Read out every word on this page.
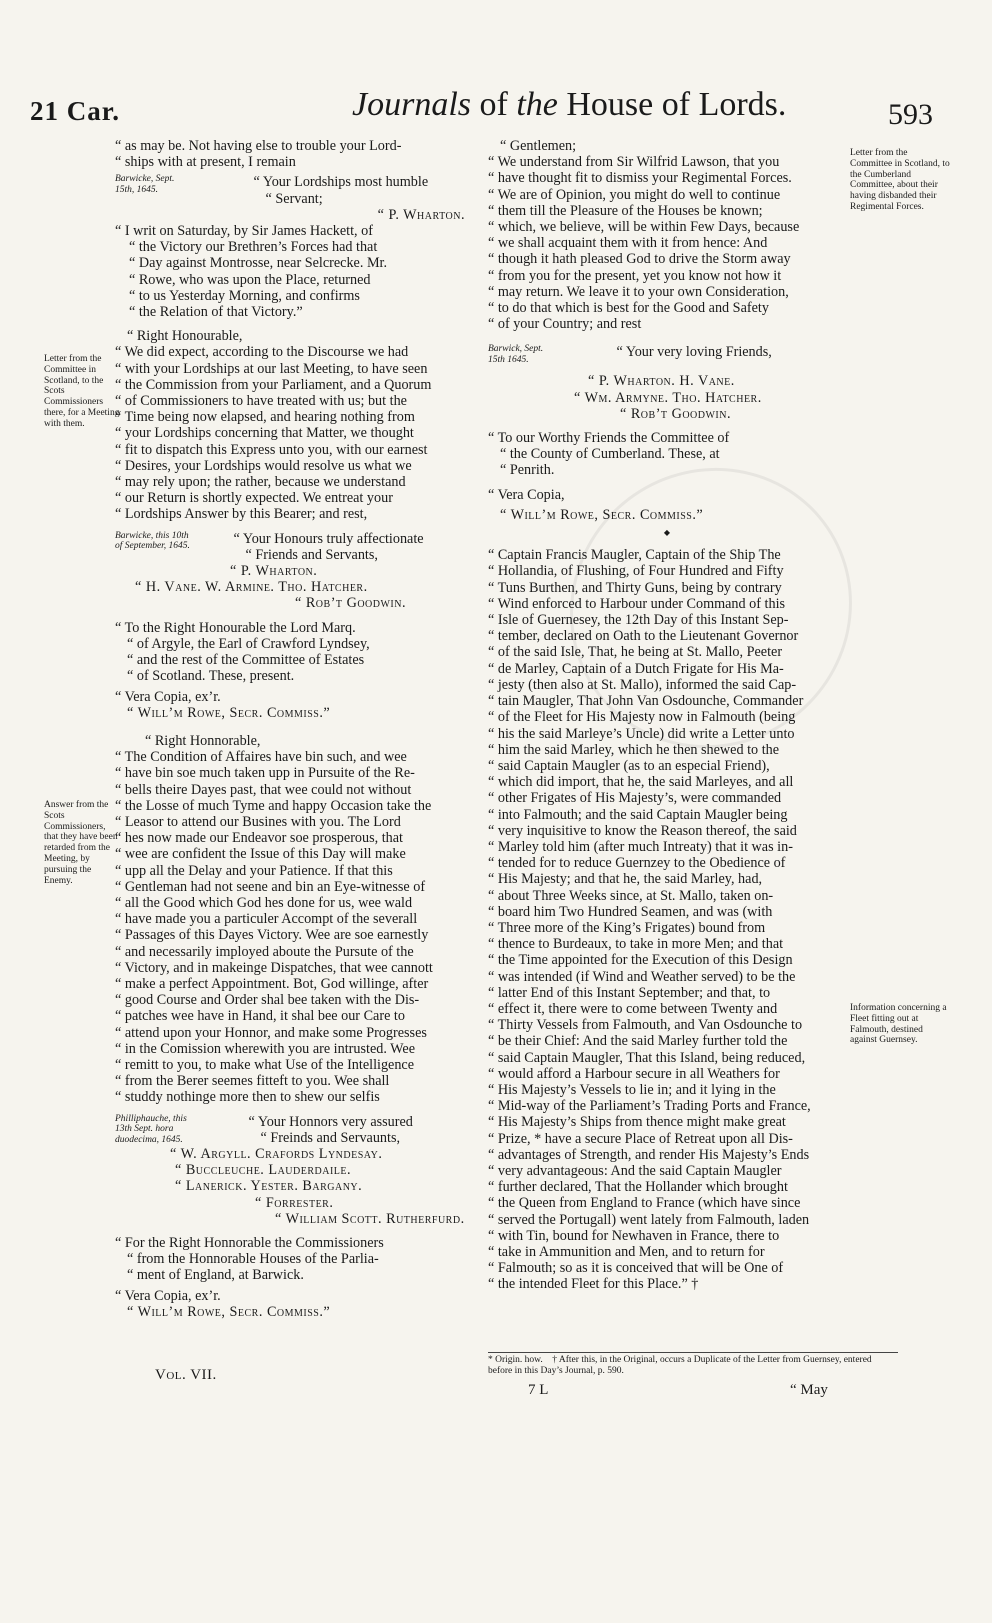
21 Car.	Journals of the House of Lords.	593
Letter from the Committee in Scotland, to the Scots Commissioners there, for a Meeting with them.
Answer from the Scots Commissioners, that they have been retarded from the Meeting, by pursuing the Enemy.
Letter from the Committee in Scotland, to the Cumberland Committee, about their having disbanded their Regimental Forces.
Information concerning a Fleet fitting out at Falmouth, destined against Guernsey.

“ as may be. Not having else to trouble your Lord-

“ ships with at present, I remain

Barwicke, Sept.
15th, 1645.	“ Your Lordships most humble

“ Servant;

“ P. Wharton.

“ I writ on Saturday, by Sir James Hackett, of

“ the Victory our Brethren’s Forces had that

“ Day against Montrosse, near Selcrecke. Mr.

“ Rowe, who was upon the Place, returned

“ to us Yesterday Morning, and confirms

“ the Relation of that Victory.”

“ Right Honourable,

“ We did expect, according to the Discourse we had

“ with your Lordships at our last Meeting, to have seen

“ the Commission from your Parliament, and a Quorum

“ of Commissioners to have treated with us; but the

“ Time being now elapsed, and hearing nothing from

“ your Lordships concerning that Matter, we thought

“ fit to dispatch this Express unto you, with our earnest

“ Desires, your Lordships would resolve us what we

“ may rely upon; the rather, because we understand

“ our Return is shortly expected. We entreat your

“ Lordships Answer by this Bearer; and rest,

Barwicke, this 10th
of September, 1645.	“ Your Honours truly affectionate

“ Friends and Servants,

“ P. Wharton.

“ H. Vane. W. Armine. Tho. Hatcher.

“ Rob’t Goodwin.

“ To the Right Honourable the Lord Marq.

“ of Argyle, the Earl of Crawford Lyndsey,

“ and the rest of the Committee of Estates

“ of Scotland. These, present.

“ Vera Copia, ex’r.

“ Will’m Rowe, Secr. Commiss.”

“ Right Honnorable,

“ The Condition of Affaires have bin such, and wee

“ have bin soe much taken upp in Pursuite of the Re-

“ bells theire Dayes past, that wee could not without

“ the Losse of much Tyme and happy Occasion take the

“ Leasor to attend our Busines with you. The Lord

“ hes now made our Endeavor soe prosperous, that

“ wee are confident the Issue of this Day will make

“ upp all the Delay and your Patience. If that this

“ Gentleman had not seene and bin an Eye-witnesse of

“ all the Good which God hes done for us, wee wald

“ have made you a particuler Accompt of the severall

“ Passages of this Dayes Victory. Wee are soe earnestly

“ and necessarily imployed aboute the Pursute of the

“ Victory, and in makeinge Dispatches, that wee cannott

“ make a perfect Appointment. Bot, God willinge, after

“ good Course and Order shal bee taken with the Dis-

“ patches wee have in Hand, it shal bee our Care to

“ attend upon your Honnor, and make some Progresses

“ in the Comission wherewith you are intrusted. Wee

“ remitt to you, to make what Use of the Intelligence

“ from the Berer seemes fitteft to you. Wee shall

“ studdy nothinge more then to shew our selfis

Philliphauche, this
13th Sept. hora
duodecima, 1645.

“ Your Honnors very assured

“ Freinds and Servaunts,

“ W. Argyll. Crafords Lyndesay.

“ Buccleuche. Lauderdaile.

“ Lanerick. Yester. Bargany.

“ Forrester.

“ William Scott. Rutherfurd.

“ For the Right Honnorable the Commissioners

“ from the Honnorable Houses of the Parlia-

“ ment of England, at Barwick.

“ Vera Copia, ex’r.

“ Will’m Rowe, Secr. Commiss.”

Vol. VII.

“ Gentlemen;

“ We understand from Sir Wilfrid Lawson, that you

“ have thought fit to dismiss your Regimental Forces.

“ We are of Opinion, you might do well to continue

“ them till the Pleasure of the Houses be known;

“ which, we believe, will be within Few Days, because

“ we shall acquaint them with it from hence: And

“ though it hath pleased God to drive the Storm away

“ from you for the present, yet you know not how it

“ may return. We leave it to your own Consideration,

“ to do that which is best for the Good and Safety

“ of your Country; and rest

Barwick, Sept.
15th 1645.	“ Your very loving Friends,

“ P. Wharton. H. Vane.

“ Wm. Armyne. Tho. Hatcher.

“ Rob’t Goodwin.

“ To our Worthy Friends the Committee of

“ the County of Cumberland. These, at

“ Penrith.

“ Vera Copia,

“ Will’m Rowe, Secr. Commiss.”

◆

“ Captain Francis Maugler, Captain of the Ship The

“ Hollandia, of Flushing, of Four Hundred and Fifty

“ Tuns Burthen, and Thirty Guns, being by contrary

“ Wind enforced to Harbour under Command of this

“ Isle of Guernesey, the 12th Day of this Instant Sep-

“ tember, declared on Oath to the Lieutenant Governor

“ of the said Isle, That, he being at St. Mallo, Peeter

“ de Marley, Captain of a Dutch Frigate for His Ma-

“ jesty (then also at St. Mallo), informed the said Cap-

“ tain Maugler, That John Van Osdounche, Commander

“ of the Fleet for His Majesty now in Falmouth (being

“ his the said Marleye’s Uncle) did write a Letter unto

“ him the said Marley, which he then shewed to the

“ said Captain Maugler (as to an especial Friend),

“ which did import, that he, the said Marleyes, and all

“ other Frigates of His Majesty’s, were commanded

“ into Falmouth; and the said Captain Maugler being

“ very inquisitive to know the Reason thereof, the said

“ Marley told him (after much Intreaty) that it was in-

“ tended for to reduce Guernzey to the Obedience of

“ His Majesty; and that he, the said Marley, had,

“ about Three Weeks since, at St. Mallo, taken on-

“ board him Two Hundred Seamen, and was (with

“ Three more of the King’s Frigates) bound from

“ thence to Burdeaux, to take in more Men; and that

“ the Time appointed for the Execution of this Design

“ was intended (if Wind and Weather served) to be the

“ latter End of this Instant September; and that, to

“ effect it, there were to come between Twenty and

“ Thirty Vessels from Falmouth, and Van Osdounche to

“ be their Chief: And the said Marley further told the

“ said Captain Maugler, That this Island, being reduced,

“ would afford a Harbour secure in all Weathers for

“ His Majesty’s Vessels to lie in; and it lying in the

“ Mid-way of the Parliament’s Trading Ports and France,

“ His Majesty’s Ships from thence might make great

“ Prize, * have a secure Place of Retreat upon all Dis-

“ advantages of Strength, and render His Majesty’s Ends

“ very advantageous: And the said Captain Maugler

“ further declared, That the Hollander which brought

“ the Queen from England to France (which have since

“ served the Portugall) went lately from Falmouth, laden

“ with Tin, bound for Newhaven in France, there to

“ take in Ammunition and Men, and to return for

“ Falmouth; so as it is conceived that will be One of

“ the intended Fleet for this Place.” †

* Origin. how. † After this, in the Original, occurs a Duplicate of the Letter from Guernsey, entered before in this Day’s Journal, p. 590.
7 L	“ May
